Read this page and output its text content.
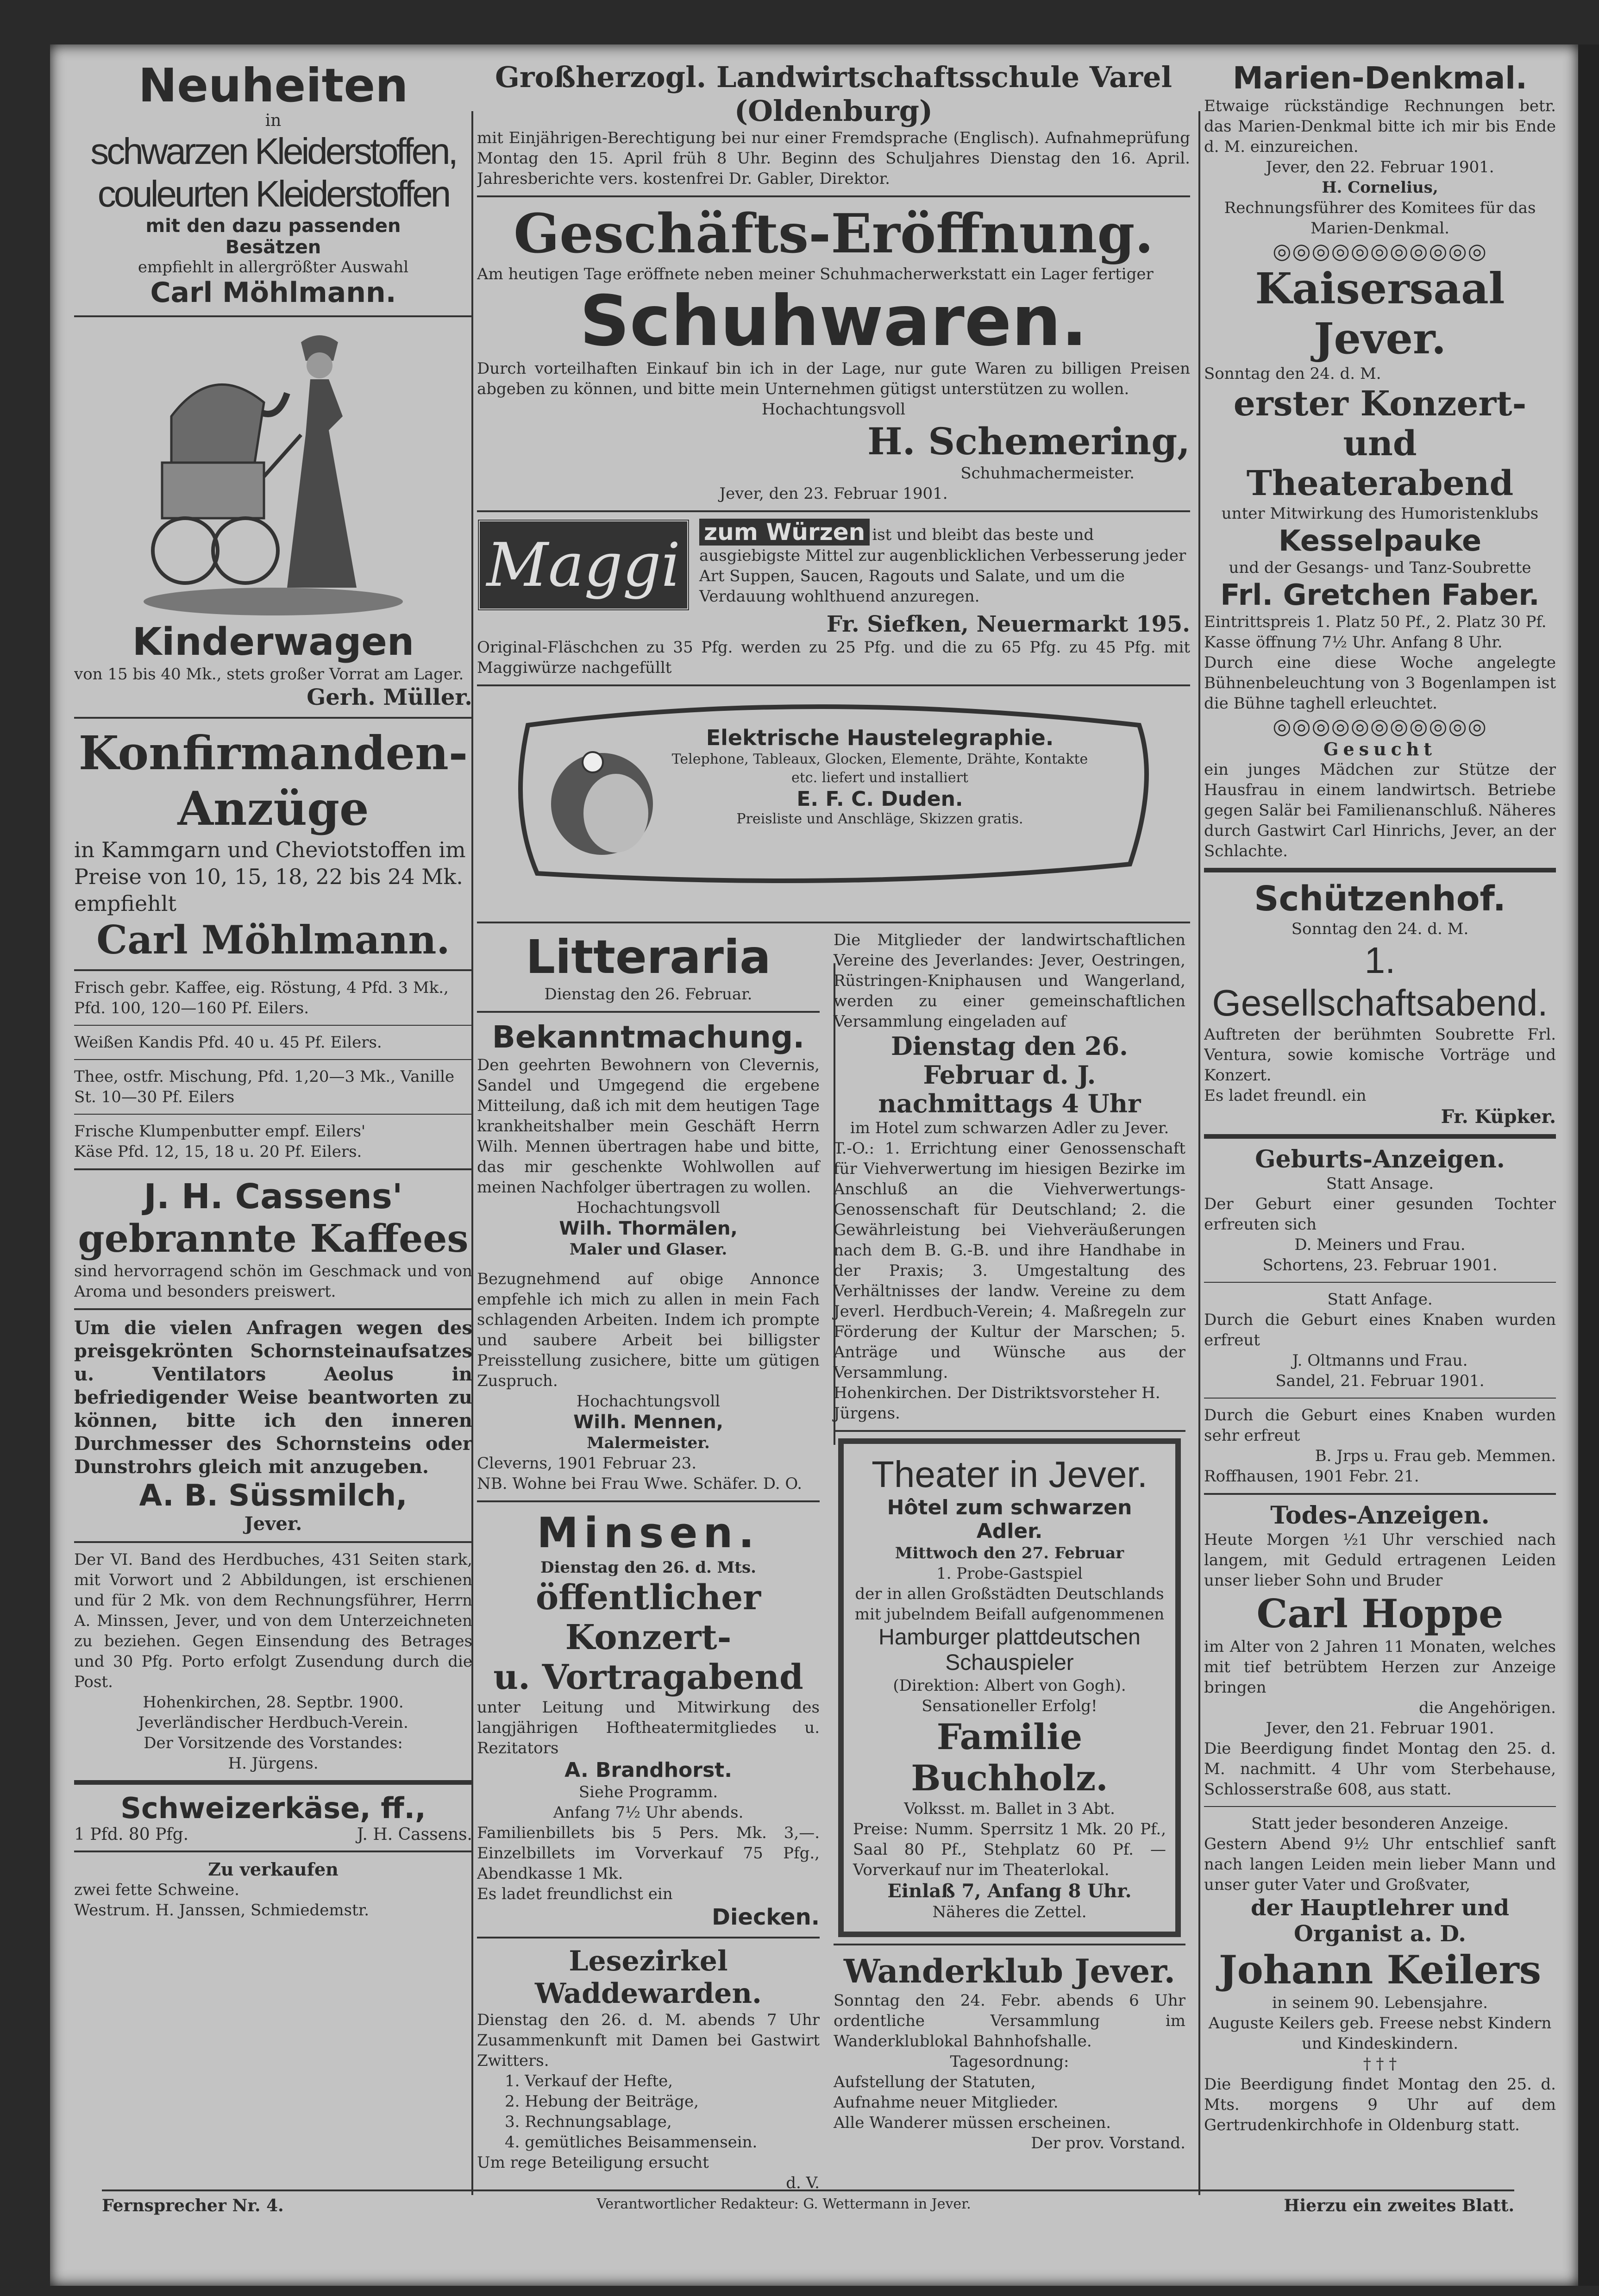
Neuheiten
in
schwarzen Kleiderstoffen,
couleurten Kleiderstoffen
mit den dazu passenden
Besätzen
empfiehlt in allergrößter Auswahl
Carl Möhlmann.
Kinderwagen
von 15 bis 40 Mk., stets großer Vorrat am Lager.
Gerh. Müller.
Konfirmanden-
Anzüge
in Kammgarn und Cheviotstoffen im Preise von 10, 15, 18, 22 bis 24 Mk. empfiehlt
Carl Möhlmann.
Frisch gebr. Kaffee, eig. Röstung, 4 Pfd. 3 Mk., Pfd. 100, 120—160 Pf. Eilers.
Weißen Kandis Pfd. 40 u. 45 Pf. Eilers.
Thee, ostfr. Mischung, Pfd. 1,20—3 Mk., Vanille St. 10—30 Pf. Eilers
Frische Klumpenbutter empf. Eilers'
Käse Pfd. 12, 15, 18 u. 20 Pf. Eilers.
J. H. Cassens'
gebrannte Kaffees
sind hervorragend schön im Geschmack und von Aroma und besonders preiswert.
Um die vielen Anfragen wegen des preisgekrönten Schornsteinaufsatzes u. Ventilators Aeolus in befriedigender Weise beantworten zu können, bitte ich den inneren Durchmesser des Schornsteins oder Dunstrohrs gleich mit anzugeben.
A. B. Süssmilch,
Jever.
Der VI. Band des Herdbuches, 431 Seiten stark, mit Vorwort und 2 Abbildungen, ist erschienen und für 2 Mk. von dem Rechnungsführer, Herrn A. Minssen, Jever, und von dem Unterzeichneten zu beziehen. Gegen Einsendung des Betrages und 30 Pfg. Porto erfolgt Zusendung durch die Post.
Hohenkirchen, 28. Septbr. 1900.
Jeverländischer Herdbuch-Verein.
Der Vorsitzende des Vorstandes:
H. Jürgens.
Schweizerkäse, ff.,
1 Pfd. 80 Pfg.	J. H. Cassens.
Zu verkaufen
zwei fette Schweine.
Westrum. H. Janssen, Schmiedemstr.
Großherzogl. Landwirtschaftsschule Varel (Oldenburg)
mit Einjährigen-Berechtigung bei nur einer Fremdsprache (Englisch). Aufnahmeprüfung Montag den 15. April früh 8 Uhr. Beginn des Schuljahres Dienstag den 16. April. Jahresberichte vers. kostenfrei Dr. Gabler, Direktor.
Geschäfts-Eröffnung.
Am heutigen Tage eröffnete neben meiner Schuhmacherwerkstatt ein Lager fertiger
Schuhwaren.
Durch vorteilhaften Einkauf bin ich in der Lage, nur gute Waren zu billigen Preisen abgeben zu können, und bitte mein Unternehmen gütigst unterstützen zu wollen.
Hochachtungsvoll
H. Schemering,
Schuhmachermeister.
Jever, den 23. Februar 1901.
Maggi	zum Würzen ist und bleibt das beste und ausgiebigste Mittel zur augenblicklichen Verbesserung jeder Art Suppen, Saucen, Ragouts und Salate, und um die Verdauung wohlthuend anzuregen.
Fr. Siefken, Neuermarkt 195.
Original-Fläschchen zu 35 Pfg. werden zu 25 Pfg. und die zu 65 Pfg. zu 45 Pfg. mit Maggiwürze nachgefüllt
Elektrische Haustelegraphie.
Telephone, Tableaux, Glocken, Elemente, Drähte, Kontakte etc. liefert und installiert
E. F. C. Duden.
Preisliste und Anschläge, Skizzen gratis.
Litteraria
Dienstag den 26. Februar.
Bekanntmachung.
Den geehrten Bewohnern von Clevernis, Sandel und Umgegend die ergebene Mitteilung, daß ich mit dem heutigen Tage krankheitshalber mein Geschäft Herrn Wilh. Mennen übertragen habe und bitte, das mir geschenkte Wohlwollen auf meinen Nachfolger übertragen zu wollen.
Hochachtungsvoll
Wilh. Thormälen,
Maler und Glaser.
Bezugnehmend auf obige Annonce empfehle ich mich zu allen in mein Fach schlagenden Arbeiten. Indem ich prompte und saubere Arbeit bei billigster Preisstellung zusichere, bitte um gütigen Zuspruch.
Hochachtungsvoll
Wilh. Mennen,
Malermeister.
Cleverns, 1901 Februar 23.
NB. Wohne bei Frau Wwe. Schäfer. D. O.
Minsen.
Dienstag den 26. d. Mts.
öffentlicher Konzert-
u. Vortragabend
unter Leitung und Mitwirkung des langjährigen Hoftheatermitgliedes u. Rezitators
A. Brandhorst.
Siehe Programm.
Anfang 7½ Uhr abends.
Familienbillets bis 5 Pers. Mk. 3,—. Einzelbillets im Vorverkauf 75 Pfg., Abendkasse 1 Mk.
Es ladet freundlichst ein
Diecken.
Lesezirkel Waddewarden.
Dienstag den 26. d. M. abends 7 Uhr Zusammenkunft mit Damen bei Gastwirt Zwitters.
1. Verkauf der Hefte,
2. Hebung der Beiträge,
3. Rechnungsablage,
4. gemütliches Beisammensein.
Um rege Beteiligung ersucht
d. V.
Die Mitglieder der landwirtschaftlichen Vereine des Jeverlandes: Jever, Oestringen, Rüstringen-Kniphausen und Wangerland, werden zu einer gemeinschaftlichen Versammlung eingeladen auf
Dienstag den 26. Februar d. J. nachmittags 4 Uhr
im Hotel zum schwarzen Adler zu Jever.
T.-O.: 1. Errichtung einer Genossenschaft für Viehverwertung im hiesigen Bezirke im Anschluß an die Viehverwertungs-Genossenschaft für Deutschland; 2. die Gewährleistung bei Viehveräußerungen nach dem B. G.-B. und ihre Handhabe in der Praxis; 3. Umgestaltung des Verhältnisses der landw. Vereine zu dem Jeverl. Herdbuch-Verein; 4. Maßregeln zur Förderung der Kultur der Marschen; 5. Anträge und Wünsche aus der Versammlung.
Hohenkirchen. Der Distriktsvorsteher H. Jürgens.
Theater in Jever.
Hôtel zum schwarzen Adler.
Mittwoch den 27. Februar
1. Probe-Gastspiel
der in allen Großstädten Deutschlands mit jubelndem Beifall aufgenommenen
Hamburger plattdeutschen
Schauspieler
(Direktion: Albert von Gogh).
Sensationeller Erfolg!
Familie Buchholz.
Volksst. m. Ballet in 3 Abt.
Preise: Numm. Sperrsitz 1 Mk. 20 Pf., Saal 80 Pf., Stehplatz 60 Pf. — Vorverkauf nur im Theaterlokal.
Einlaß 7, Anfang 8 Uhr.
Näheres die Zettel.
Wanderklub Jever.
Sonntag den 24. Febr. abends 6 Uhr ordentliche Versammlung im Wanderklublokal Bahnhofshalle.
Tagesordnung:
Aufstellung der Statuten,
Aufnahme neuer Mitglieder.
Alle Wanderer müssen erscheinen.
Der prov. Vorstand.
Marien-Denkmal.
Etwaige rückständige Rechnungen betr. das Marien-Denkmal bitte ich mir bis Ende d. M. einzureichen.
Jever, den 22. Februar 1901.
H. Cornelius,
Rechnungsführer des Komitees für das Marien-Denkmal.
◎◎◎◎◎◎◎◎◎◎◎
Kaisersaal Jever.
Sonntag den 24. d. M.
erster Konzert-
und Theaterabend
unter Mitwirkung des Humoristenklubs
Kesselpauke
und der Gesangs- und Tanz-Soubrette
Frl. Gretchen Faber.
Eintrittspreis 1. Platz 50 Pf., 2. Platz 30 Pf.
Kasse öffnung 7½ Uhr. Anfang 8 Uhr.
Durch eine diese Woche angelegte Bühnenbeleuchtung von 3 Bogenlampen ist die Bühne taghell erleuchtet.
◎◎◎◎◎◎◎◎◎◎◎
Gesucht
ein junges Mädchen zur Stütze der Hausfrau in einem landwirtsch. Betriebe gegen Salär bei Familienanschluß. Näheres durch Gastwirt Carl Hinrichs, Jever, an der Schlachte.
Schützenhof.
Sonntag den 24. d. M.
1. Gesellschaftsabend.
Auftreten der berühmten Soubrette Frl. Ventura, sowie komische Vorträge und Konzert.
Es ladet freundl. ein
Fr. Küpker.
Geburts-Anzeigen.
Statt Ansage.
Der Geburt einer gesunden Tochter erfreuten sich
D. Meiners und Frau.
Schortens, 23. Februar 1901.
Statt Anfage.
Durch die Geburt eines Knaben wurden erfreut
J. Oltmanns und Frau.
Sandel, 21. Februar 1901.
Durch die Geburt eines Knaben wurden sehr erfreut
B. Jrps u. Frau geb. Memmen.
Roffhausen, 1901 Febr. 21.
Todes-Anzeigen.
Heute Morgen ½1 Uhr verschied nach langem, mit Geduld ertragenen Leiden unser lieber Sohn und Bruder
Carl Hoppe
im Alter von 2 Jahren 11 Monaten, welches mit tief betrübtem Herzen zur Anzeige bringen
die Angehörigen.
Jever, den 21. Februar 1901.
Die Beerdigung findet Montag den 25. d. M. nachmitt. 4 Uhr vom Sterbehause, Schlosserstraße 608, aus statt.
Statt jeder besonderen Anzeige.
Gestern Abend 9½ Uhr entschlief sanft nach langen Leiden mein lieber Mann und unser guter Vater und Großvater,
der Hauptlehrer und Organist a. D.
Johann Keilers
in seinem 90. Lebensjahre.
Auguste Keilers geb. Freese nebst Kindern und Kindeskindern.
† † †
Die Beerdigung findet Montag den 25. d. Mts. morgens 9 Uhr auf dem Gertrudenkirchhofe in Oldenburg statt.
Fernsprecher Nr. 4.	Verantwortlicher Redakteur: G. Wettermann in Jever.	Hierzu ein zweites Blatt.
